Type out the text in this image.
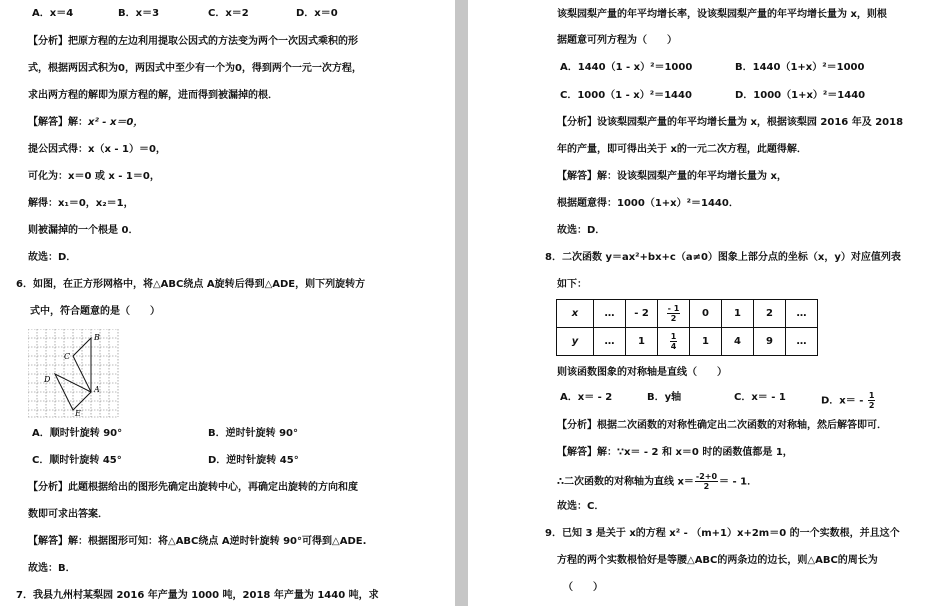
A．x＝4	B．x＝3	C．x＝2	D．x＝0
【分析】把原方程的左边利用提取公因式的方法变为两个一次因式乘积的形
式，根据两因式积为0，两因式中至少有一个为0，得到两个一元一次方程，
求出两方程的解即为原方程的解，进而得到被漏掉的根．
【解答】解：x² - x＝0，
提公因式得：x（x - 1）＝0，
可化为：x＝0 或 x - 1＝0，
解得：x₁＝0，x₂＝1，
则被漏掉的一个根是 0．
故选：D．
6．如图，在正方形网格中，将△ABC绕点 A旋转后得到△ADE，则下列旋转方
式中，符合题意的是（　　）
B
C
D
A
E
A．顺时针旋转 90°	B．逆时针旋转 90°
C．顺时针旋转 45°	D．逆时针旋转 45°
【分析】此题根据给出的图形先确定出旋转中心，再确定出旋转的方向和度
数即可求出答案．
【解答】解：根据图形可知：将△ABC绕点 A逆时针旋转 90°可得到△ADE.
故选：B．
7．我县九州村某梨园 2016 年产量为 1000 吨，2018 年产量为 1440 吨，求
该梨园梨产量的年平均增长率，设该梨园梨产量的年平均增长量为 x，则根
据题意可列方程为（　　）
A．1440（1 - x）²＝1000	B．1440（1+x）²＝1000
C．1000（1 - x）²＝1440	D．1000（1+x）²＝1440
【分析】设该梨园梨产量的年平均增长量为 x，根据该梨园 2016 年及 2018
年的产量，即可得出关于 x的一元二次方程，此题得解．
【解答】解：设该梨园梨产量的年平均增长量为 x，
根据题意得：1000（1+x）²＝1440．
故选：D．
8．二次函数 y＝ax²+bx+c（a≠0）图象上部分点的坐标（x，y）对应值列表
如下：
x	…	- 2	$\frac{- 1}{2}$	0	1	2	…
y	…	1	$\frac{1}{4}$	1	4	9	…
则该函数图象的对称轴是直线（　　）
A．x＝ - 2	B．y轴	C．x＝ - 1	D．$x= - \frac{1}{2}$
【分析】根据二次函数的对称性确定出二次函数的对称轴，然后解答即可．
【解答】解：∵x＝ - 2 和 x＝0 时的函数值都是 1，
∴二次函数的对称轴为直线 $x= \frac{-2+0}{2}$ ＝ - 1．
故选：C．
9．已知 3 是关于 x的方程 x² - （m+1）x+2m＝0 的一个实数根，并且这个
方程的两个实数根恰好是等腰△ABC的两条边的边长，则△ABC的周长为
（　　）
